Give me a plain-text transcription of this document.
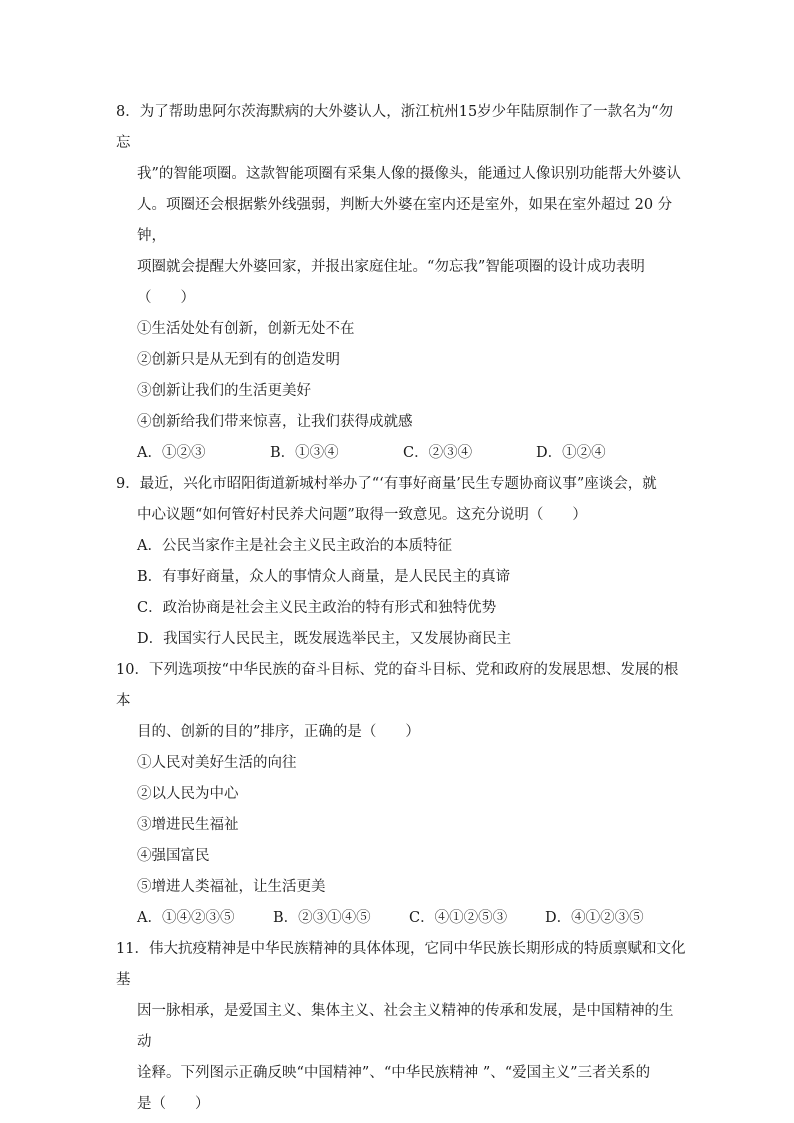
8．为了帮助患阿尔茨海默病的大外婆认人，浙江杭州15岁少年陆原制作了一款名为“勿忘
我”的智能项圈。这款智能项圈有采集人像的摄像头，能通过人像识别功能帮大外婆认
人。项圈还会根据紫外线强弱，判断大外婆在室内还是室外，如果在室外超过 20 分钟，
项圈就会提醒大外婆回家，并报出家庭住址。“勿忘我”智能项圈的设计成功表明（　　）
①生活处处有创新，创新无处不在
②创新只是从无到有的创造发明
③创新让我们的生活更美好
④创新给我们带来惊喜，让我们获得成就感
A．①②③	B．①③④	C．②③④	D．①②④
9．最近，兴化市昭阳街道新城村举办了“‘有事好商量’民生专题协商议事”座谈会，就
中心议题“如何管好村民养犬问题”取得一致意见。这充分说明（　　）
A．公民当家作主是社会主义民主政治的本质特征
B．有事好商量，众人的事情众人商量，是人民民主的真谛
C．政治协商是社会主义民主政治的特有形式和独特优势
D．我国实行人民民主，既发展选举民主，又发展协商民主
10．下列选项按“中华民族的奋斗目标、党的奋斗目标、党和政府的发展思想、发展的根本
目的、创新的目的”排序，正确的是（　　）
①人民对美好生活的向往
②以人民为中心
③增进民生福祉
④强国富民
⑤增进人类福祉，让生活更美
A．①④②③⑤	B．②③①④⑤	C．④①②⑤③	D．④①②③⑤
11．伟大抗疫精神是中华民族精神的具体体现，它同中华民族长期形成的特质禀赋和文化基
因一脉相承，是爱国主义、集体主义、社会主义精神的传承和发展，是中国精神的生动
诠释。下列图示正确反映“中国精神”、“中华民族精神 ”、“爱国主义”三者关系的
是（　　）
